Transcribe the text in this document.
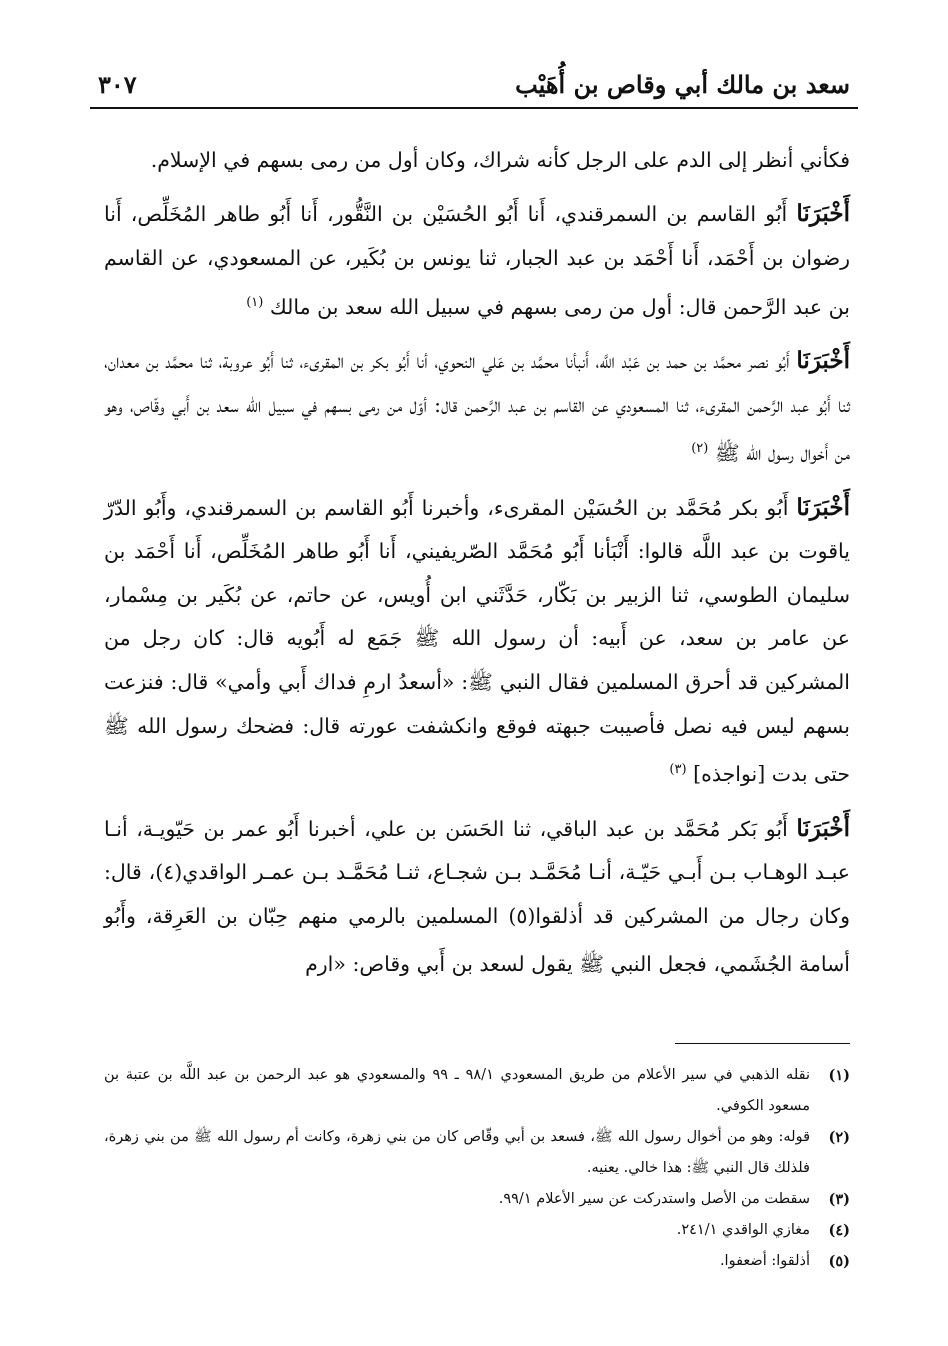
سعد بن مالك أبي وقاص بن أُهَيْب
٣٠٧

فكأني أنظر إلى الدم على الرجل كأنه شراك، وكان أول من رمى بسهم في الإسلام.

أَخْبَرَنَا أَبُو القاسم بن السمرقندي، أَنا أَبُو الحُسَيْن بن النَّقُّور، أَنا أَبُو طاهر المُخَلِّص، أَنا رضوان بن أَحْمَد، أَنا أَحْمَد بن عبد الجبار، ثنا يونس بن بُكَير، عن المسعودي، عن القاسم بن عبد الرَّحمن قال: أول من رمى بسهم في سبيل الله سعد بن مالك $^{(١)}$

أَخْبَرَنَا أَبُو نصر محمَّد بن حمد بن عَبْد اللَّه، أَنبأنا محمَّد بن عَلي النحوي، أنا أَبُو بكر بن المقرىء، ثنا أَبُو عروبة، ثنا محمَّد بن معدان، ثنا أَبُو عبد الرَّحمن المقرىء، ثنا المسعودي عن القاسم بن عبد الرَّحمن قال: أوّل من رمى بسهم في سبيل الله سعد بن أَبي وقّاص، وهو من أَخوال رسول الله ﷺ $^{(٢)}$

أَخْبَرَنَا أَبُو بكر مُحَمَّد بن الحُسَيْن المقرىء، وأخبرنا أَبُو القاسم بن السمرقندي، وأَبُو الدّرّ ياقوت بن عبد اللَّه قالوا: أَنْبَأنا أَبُو مُحَمَّد الصّريفيني، أَنا أَبُو طاهر المُخَلِّص، أَنا أَحْمَد بن سليمان الطوسي، ثنا الزبير بن بَكّار، حَدَّثَني ابن أُويس، عن حاتم، عن بُكَير بن مِسْمار، عن عامر بن سعد، عن أَبيه: أن رسول الله ﷺ جَمَع له أَبُويه قال: كان رجل من المشركين قد أحرق المسلمين فقال النبي ﷺ: «أسعدُ ارمِ فداك أَبي وأمي» قال: فنزعت بسهم ليس فيه نصل فأصيبت جبهته فوقع وانكشفت عورته قال: فضحك رسول الله ﷺ حتى بدت [نواجذه] $^{(٣)}$

أَخْبَرَنَا أَبُو بَكر مُحَمَّد بن عبد الباقي، ثنا الحَسَن بن علي، أخبرنا أَبُو عمر بن حَيّويـة، أنـا عبـد الوهـاب بـن أَبـي حَيّـة، أنـا مُحَمَّـد بـن شجـاع، ثنـا مُحَمَّـد بـن عمـر الواقدي(٤)، قال: وكان رجال من المشركين قد أذلقوا(٥) المسلمين بالرمي منهم حِبّان بن العَرِقة، وأَبُو أسامة الجُشَمي، فجعل النبي ﷺ يقول لسعد بن أَبي وقاص: «ارم

(١)
نقله الذهبي في سير الأعلام من طريق المسعودي ٩٨/١ ـ ٩٩ والمسعودي هو عبد الرحمن بن عبد اللَّه بن عتبة بن مسعود الكوفي.
(٢)
قوله: وهو من أخوال رسول الله ﷺ، فسعد بن أبي وقّاص كان من بني زهرة، وكانت أم رسول الله ﷺ من بني زهرة، فلذلك قال النبي ﷺ: هذا خالي. يعنيه.
(٣)
سقطت من الأصل واستدركت عن سير الأعلام ٩٩/١.
(٤)
مغازي الواقدي ٢٤١/١.
(٥)
أذلقوا: أضعفوا.
